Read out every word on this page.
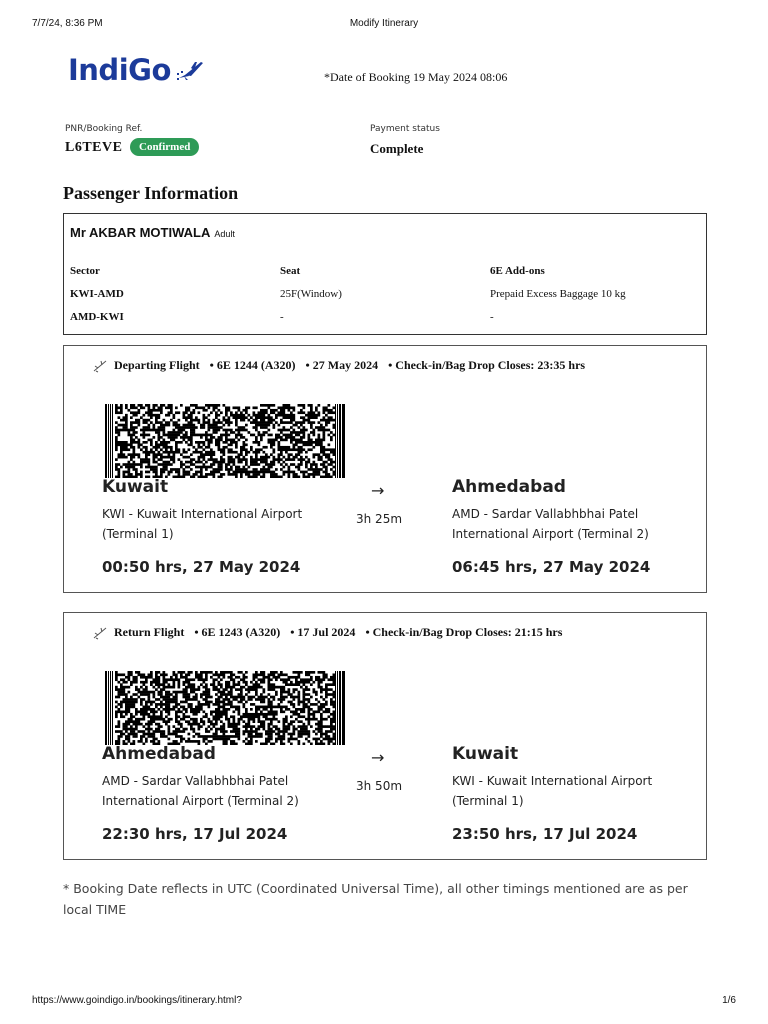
7/7/24, 8:36 PM	Modify Itinerary
IndiGo	*Date of Booking 19 May 2024 08:06
PNR/Booking Ref.
L6TEVE	Confirmed
Payment status
Complete
Passenger Information
Mr AKBAR MOTIWALA Adult
Sector	Seat	6E Add-ons
KWI-AMD	25F(Window)	Prepaid Excess Baggage 10 kg
AMD-KWI	-	-
Departing Flight • 6E 1244 (A320) • 27 May 2024 • Check-in/Bag Drop Closes: 23:35 hrs
Kuwait
KWI - Kuwait International Airport (Terminal 1)
00:50 hrs, 27 May 2024
→
3h 25m
Ahmedabad
AMD - Sardar Vallabhbhai Patel International Airport (Terminal 2)
06:45 hrs, 27 May 2024
Return Flight • 6E 1243 (A320) • 17 Jul 2024 • Check-in/Bag Drop Closes: 21:15 hrs
Ahmedabad
AMD - Sardar Vallabhbhai Patel International Airport (Terminal 2)
22:30 hrs, 17 Jul 2024
→
3h 50m
Kuwait
KWI - Kuwait International Airport (Terminal 1)
23:50 hrs, 17 Jul 2024
* Booking Date reflects in UTC (Coordinated Universal Time), all other timings mentioned are as per local TIME
https://www.goindigo.in/bookings/itinerary.html?	1/6
